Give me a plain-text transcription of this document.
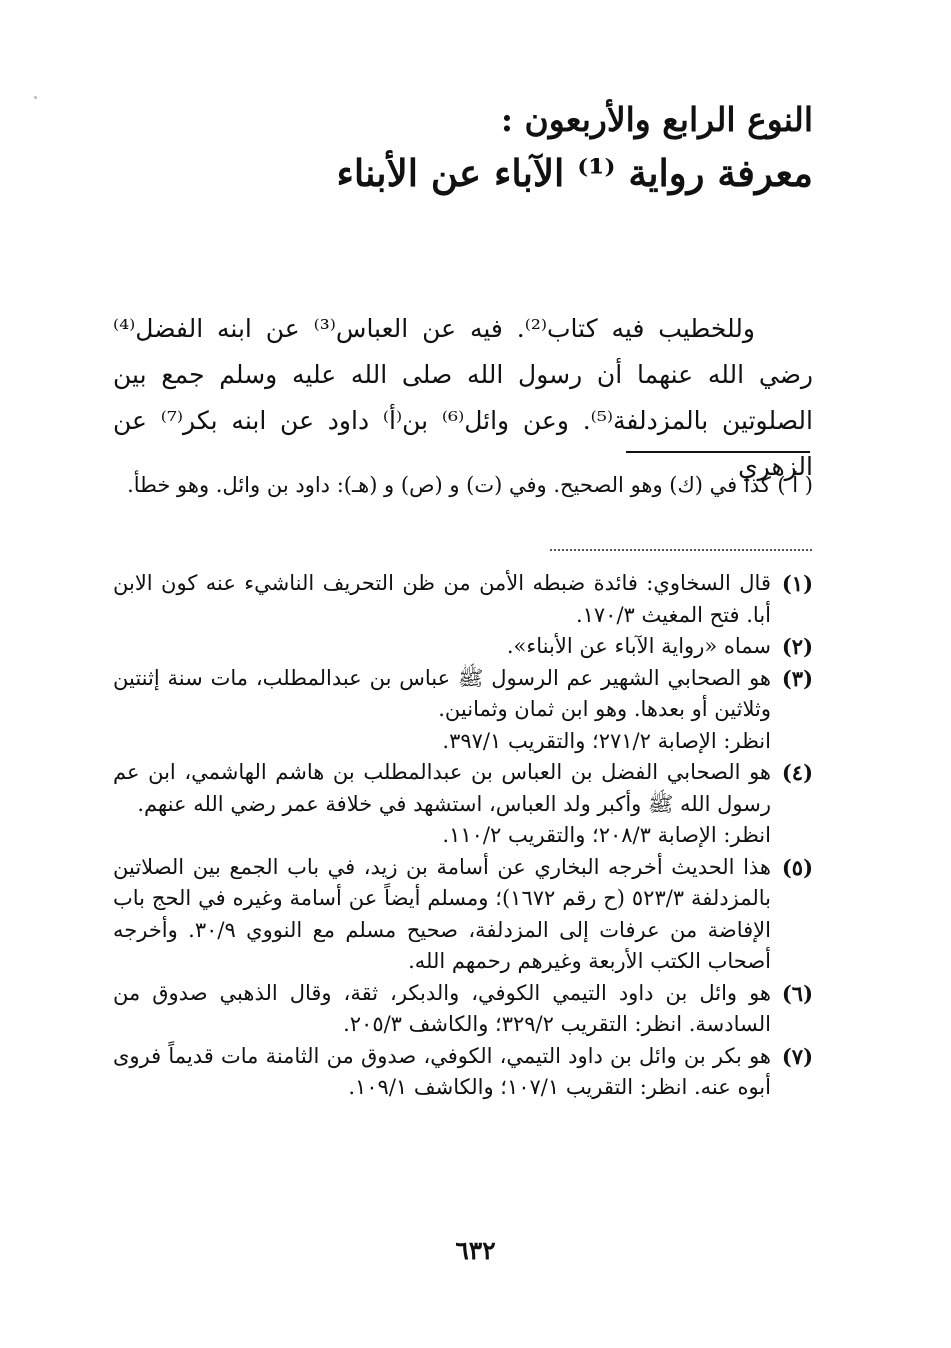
النوع الرابع والأربعون :
معرفة رواية ⁽¹⁾ الآباء عن الأبناء
وللخطيب فيه كتاب⁽²⁾. فيه عن العباس⁽³⁾ عن ابنه الفضل⁽⁴⁾ رضي الله عنهما أن رسول الله صلى الله عليه وسلم جمع بين الصلوتين بالمزدلفة⁽⁵⁾. وعن وائل⁽⁶⁾ بن⁽أ⁾ داود عن ابنه بكر⁽⁷⁾ عن الزهري
( أ ) كذا في (ك) وهو الصحيح. وفي (ت) و (ص) و (هـ): داود بن وائل. وهو خطأ.
(١)

قال السخاوي: فائدة ضبطه الأمن من ظن التحريف الناشيء عنه كون الابن أبا. فتح المغيث ١٧٠/٣.

(٢)

سماه «رواية الآباء عن الأبناء».

(٣)

هو الصحابي الشهير عم الرسول ﷺ عباس بن عبدالمطلب، مات سنة إثنتين وثلاثين أو بعدها. وهو ابن ثمان وثمانين.

انظر: الإصابة ٢٧١/٢؛ والتقريب ٣٩٧/١.

(٤)

هو الصحابي الفضل بن العباس بن عبدالمطلب بن هاشم الهاشمي، ابن عم رسول الله ﷺ وأكبر ولد العباس، استشهد في خلافة عمر رضي الله عنهم.

انظر: الإصابة ٢٠٨/٣؛ والتقريب ١١٠/٢.

(٥)

هذا الحديث أخرجه البخاري عن أسامة بن زيد، في باب الجمع بين الصلاتين بالمزدلفة ٥٢٣/٣ (ح رقم ١٦٧٢)؛ ومسلم أيضاً عن أسامة وغيره في الحج باب الإفاضة من عرفات إلى المزدلفة، صحيح مسلم مع النووي ٣٠/٩. وأخرجه أصحاب الكتب الأربعة وغيرهم رحمهم الله.

(٦)

هو وائل بن داود التيمي الكوفي، والدبكر، ثقة، وقال الذهبي صدوق من السادسة. انظر: التقريب ٣٢٩/٢؛ والكاشف ٢٠٥/٣.

(٧)

هو بكر بن وائل بن داود التيمي، الكوفي، صدوق من الثامنة مات قديماً فروى أبوه عنه. انظر: التقريب ١٠٧/١؛ والكاشف ١٠٩/١.

٦٣٢
